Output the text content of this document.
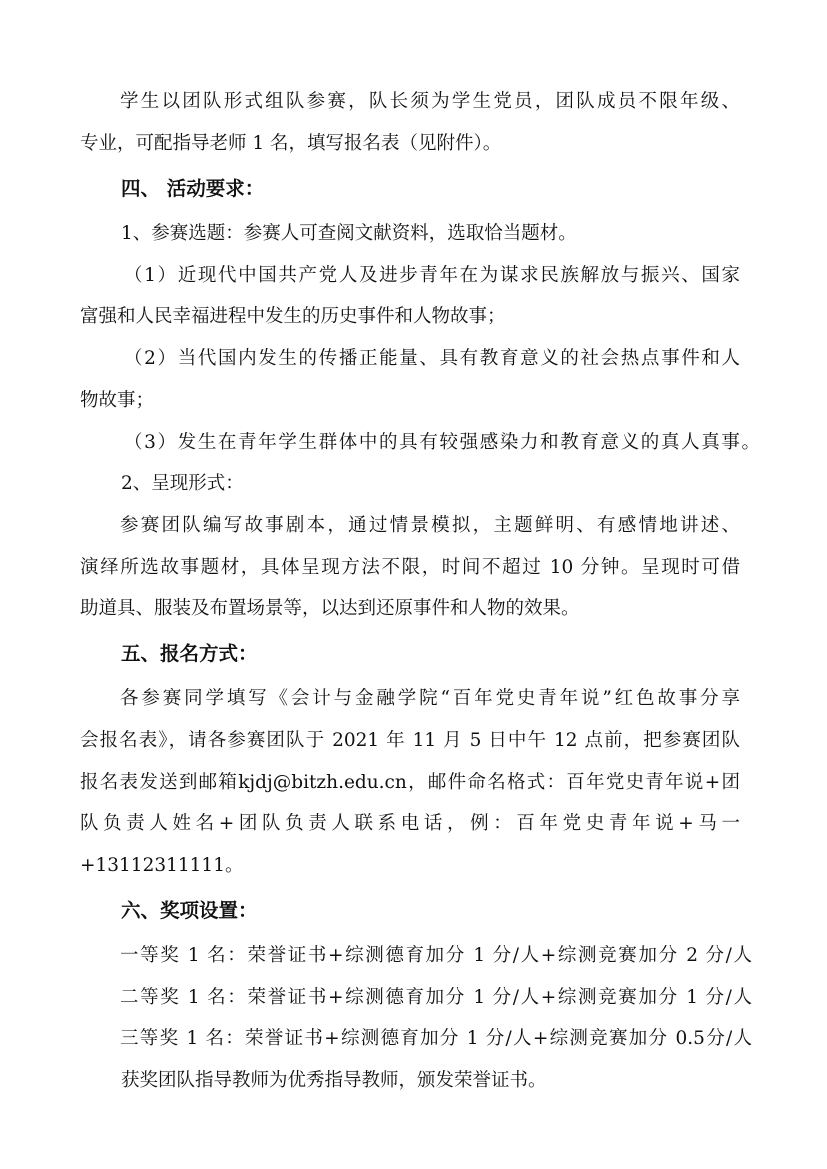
学生以团队形式组队参赛，队长须为学生党员，团队成员不限年级、
专业，可配指导老师 1 名，填写报名表（见附件）。
四、 活动要求：
1、参赛选题：参赛人可查阅文献资料，选取恰当题材。
（1）近现代中国共产党人及进步青年在为谋求民族解放与振兴、国家
富强和人民幸福进程中发生的历史事件和人物故事；
（2）当代国内发生的传播正能量、具有教育意义的社会热点事件和人
物故事；
（3）发生在青年学生群体中的具有较强感染力和教育意义的真人真事。
2、呈现形式：
参赛团队编写故事剧本，通过情景模拟，主题鲜明、有感情地讲述、
演绎所选故事题材，具体呈现方法不限，时间不超过 10 分钟。呈现时可借
助道具、服装及布置场景等，以达到还原事件和人物的效果。
五、报名方式：
各参赛同学填写《会计与金融学院“百年党史青年说”红色故事分享
会报名表》，请各参赛团队于 2021 年 11 月 5 日中午 12 点前，把参赛团队
报名表发送到邮箱kjdj@bitzh.edu.cn，邮件命名格式：百年党史青年说+团
队负责人姓名+团队负责人联系电话，例：百年党史青年说+马一
+13112311111。
六、奖项设置：
一等奖 1 名：荣誉证书+综测德育加分 1 分/人+综测竞赛加分 2 分/人
二等奖 1 名：荣誉证书+综测德育加分 1 分/人+综测竞赛加分 1 分/人
三等奖 1 名：荣誉证书+综测德育加分 1 分/人+综测竞赛加分 0.5分/人
获奖团队指导教师为优秀指导教师，颁发荣誉证书。
